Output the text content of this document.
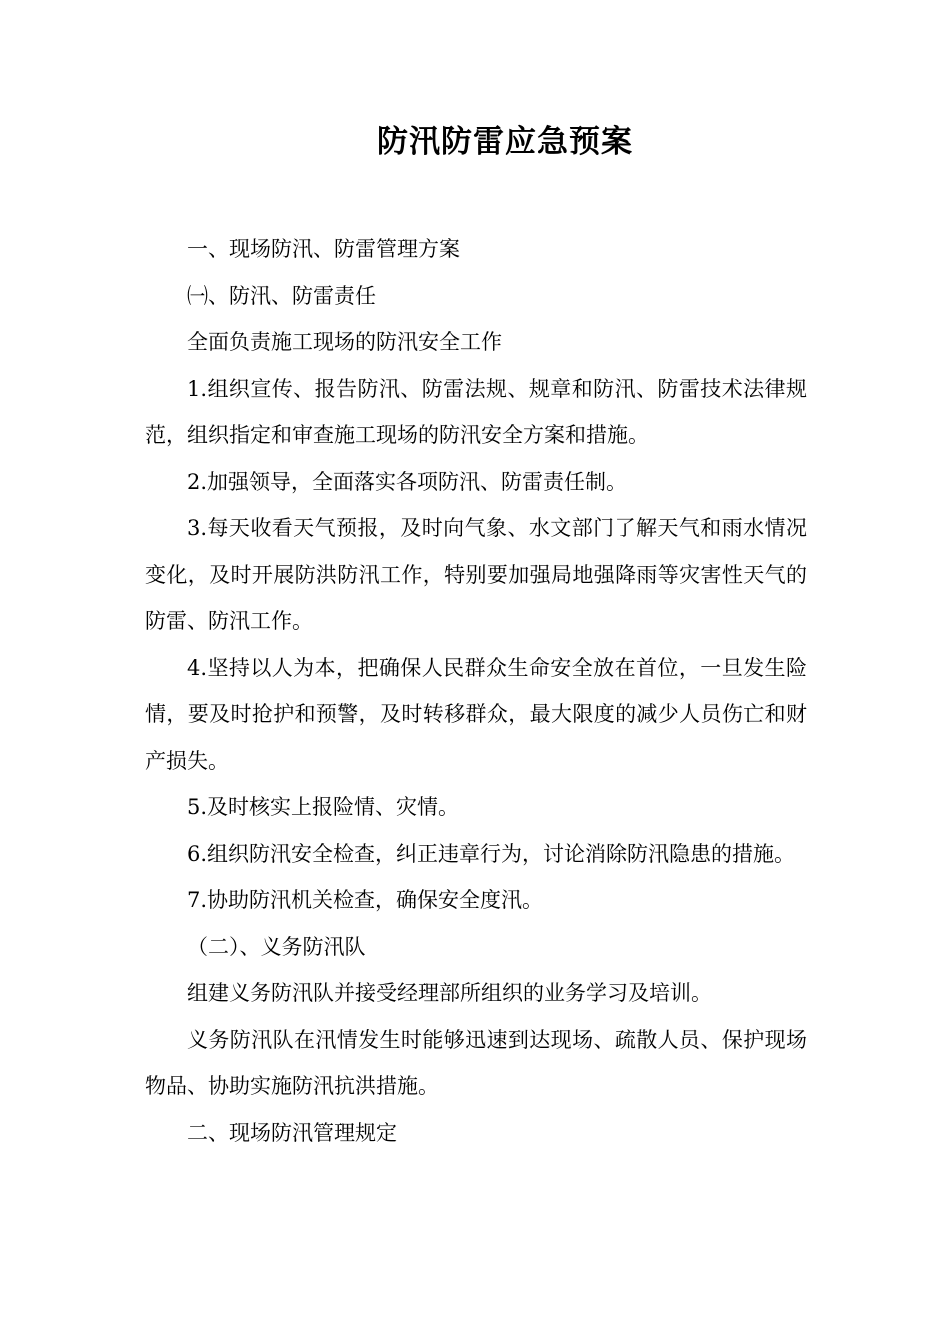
防汛防雷应急预案

一、现场防汛、防雷管理方案

㈠、防汛、防雷责任

全面负责施工现场的防汛安全工作

1.组织宣传、报告防汛、防雷法规、规章和防汛、防雷技术法律规范，组织指定和审查施工现场的防汛安全方案和措施。

2.加强领导，全面落实各项防汛、防雷责任制。

3.每天收看天气预报，及时向气象、水文部门了解天气和雨水情况变化，及时开展防洪防汛工作，特别要加强局地强降雨等灾害性天气的防雷、防汛工作。

4.坚持以人为本，把确保人民群众生命安全放在首位，一旦发生险情，要及时抢护和预警，及时转移群众，最大限度的减少人员伤亡和财产损失。

5.及时核实上报险情、灾情。

6.组织防汛安全检查，纠正违章行为，讨论消除防汛隐患的措施。

7.协助防汛机关检查，确保安全度汛。

（二）、义务防汛队

组建义务防汛队并接受经理部所组织的业务学习及培训。

义务防汛队在汛情发生时能够迅速到达现场、疏散人员、保护现场物品、协助实施防汛抗洪措施。

二、现场防汛管理规定
